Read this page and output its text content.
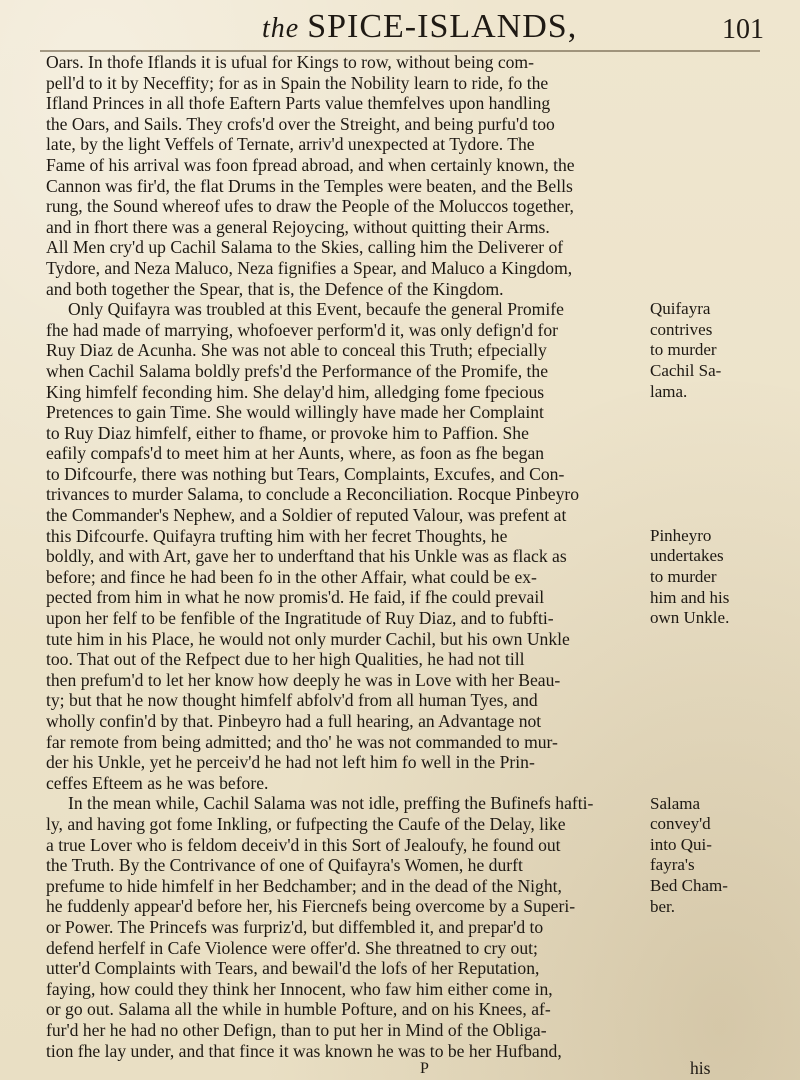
the SPICE-ISLANDS,	101
Oars. In thofe Iflands it is ufual for Kings to row, without being com-
pell'd to it by Neceffity; for as in Spain the Nobility learn to ride, fo the
Ifland Princes in all thofe Eaftern Parts value themfelves upon handling
the Oars, and Sails. They crofs'd over the Streight, and being purfu'd too
late, by the light Veffels of Ternate, arriv'd unexpected at Tydore. The
Fame of his arrival was foon fpread abroad, and when certainly known, the
Cannon was fir'd, the flat Drums in the Temples were beaten, and the Bells
rung, the Sound whereof ufes to draw the People of the Moluccos together,
and in fhort there was a general Rejoycing, without quitting their Arms.
All Men cry'd up Cachil Salama to the Skies, calling him the Deliverer of
Tydore, and Neza Maluco, Neza fignifies a Spear, and Maluco a Kingdom,
and both together the Spear, that is, the Defence of the Kingdom.
Only Quifayra was troubled at this Event, becaufe the general Promife
fhe had made of marrying, whofoever perform'd it, was only defign'd for
Ruy Diaz de Acunha. She was not able to conceal this Truth; efpecially
when Cachil Salama boldly prefs'd the Performance of the Promife, the
King himfelf feconding him. She delay'd him, alledging fome fpecious
Pretences to gain Time. She would willingly have made her Complaint
to Ruy Diaz himfelf, either to fhame, or provoke him to Paffion. She
eafily compafs'd to meet him at her Aunts, where, as foon as fhe began
to Difcourfe, there was nothing but Tears, Complaints, Excufes, and Con-
trivances to murder Salama, to conclude a Reconciliation. Rocque Pinbeyro
the Commander's Nephew, and a Soldier of reputed Valour, was prefent at
this Difcourfe. Quifayra trufting him with her fecret Thoughts, he
boldly, and with Art, gave her to underftand that his Unkle was as flack as
before; and fince he had been fo in the other Affair, what could be ex-
pected from him in what he now promis'd. He faid, if fhe could prevail
upon her felf to be fenfible of the Ingratitude of Ruy Diaz, and to fubfti-
tute him in his Place, he would not only murder Cachil, but his own Unkle
too. That out of the Refpect due to her high Qualities, he had not till
then prefum'd to let her know how deeply he was in Love with her Beau-
ty; but that he now thought himfelf abfolv'd from all human Tyes, and
wholly confin'd by that. Pinbeyro had a full hearing, an Advantage not
far remote from being admitted; and tho' he was not commanded to mur-
der his Unkle, yet he perceiv'd he had not left him fo well in the Prin-
ceffes Efteem as he was before.
In the mean while, Cachil Salama was not idle, preffing the Bufinefs hafti-
ly, and having got fome Inkling, or fufpecting the Caufe of the Delay, like
a true Lover who is feldom deceiv'd in this Sort of Jealoufy, he found out
the Truth. By the Contrivance of one of Quifayra's Women, he durft
prefume to hide himfelf in her Bedchamber; and in the dead of the Night,
he fuddenly appear'd before her, his Fiercnefs being overcome by a Superi-
or Power. The Princefs was furpriz'd, but diffembled it, and prepar'd to
defend herfelf in Cafe Violence were offer'd. She threatned to cry out;
utter'd Complaints with Tears, and bewail'd the lofs of her Reputation,
faying, how could they think her Innocent, who faw him either come in,
or go out. Salama all the while in humble Pofture, and on his Knees, af-
fur'd her he had no other Defign, than to put her in Mind of the Obliga-
tion fhe lay under, and that fince it was known he was to be her Hufband,
Quifayra
contrives
to murder
Cachil Sa-
lama.
Pinheyro
undertakes
to murder
him and his
own Unkle.
Salama
convey'd
into Qui-
fayra's
Bed Cham-
ber.
P	his
